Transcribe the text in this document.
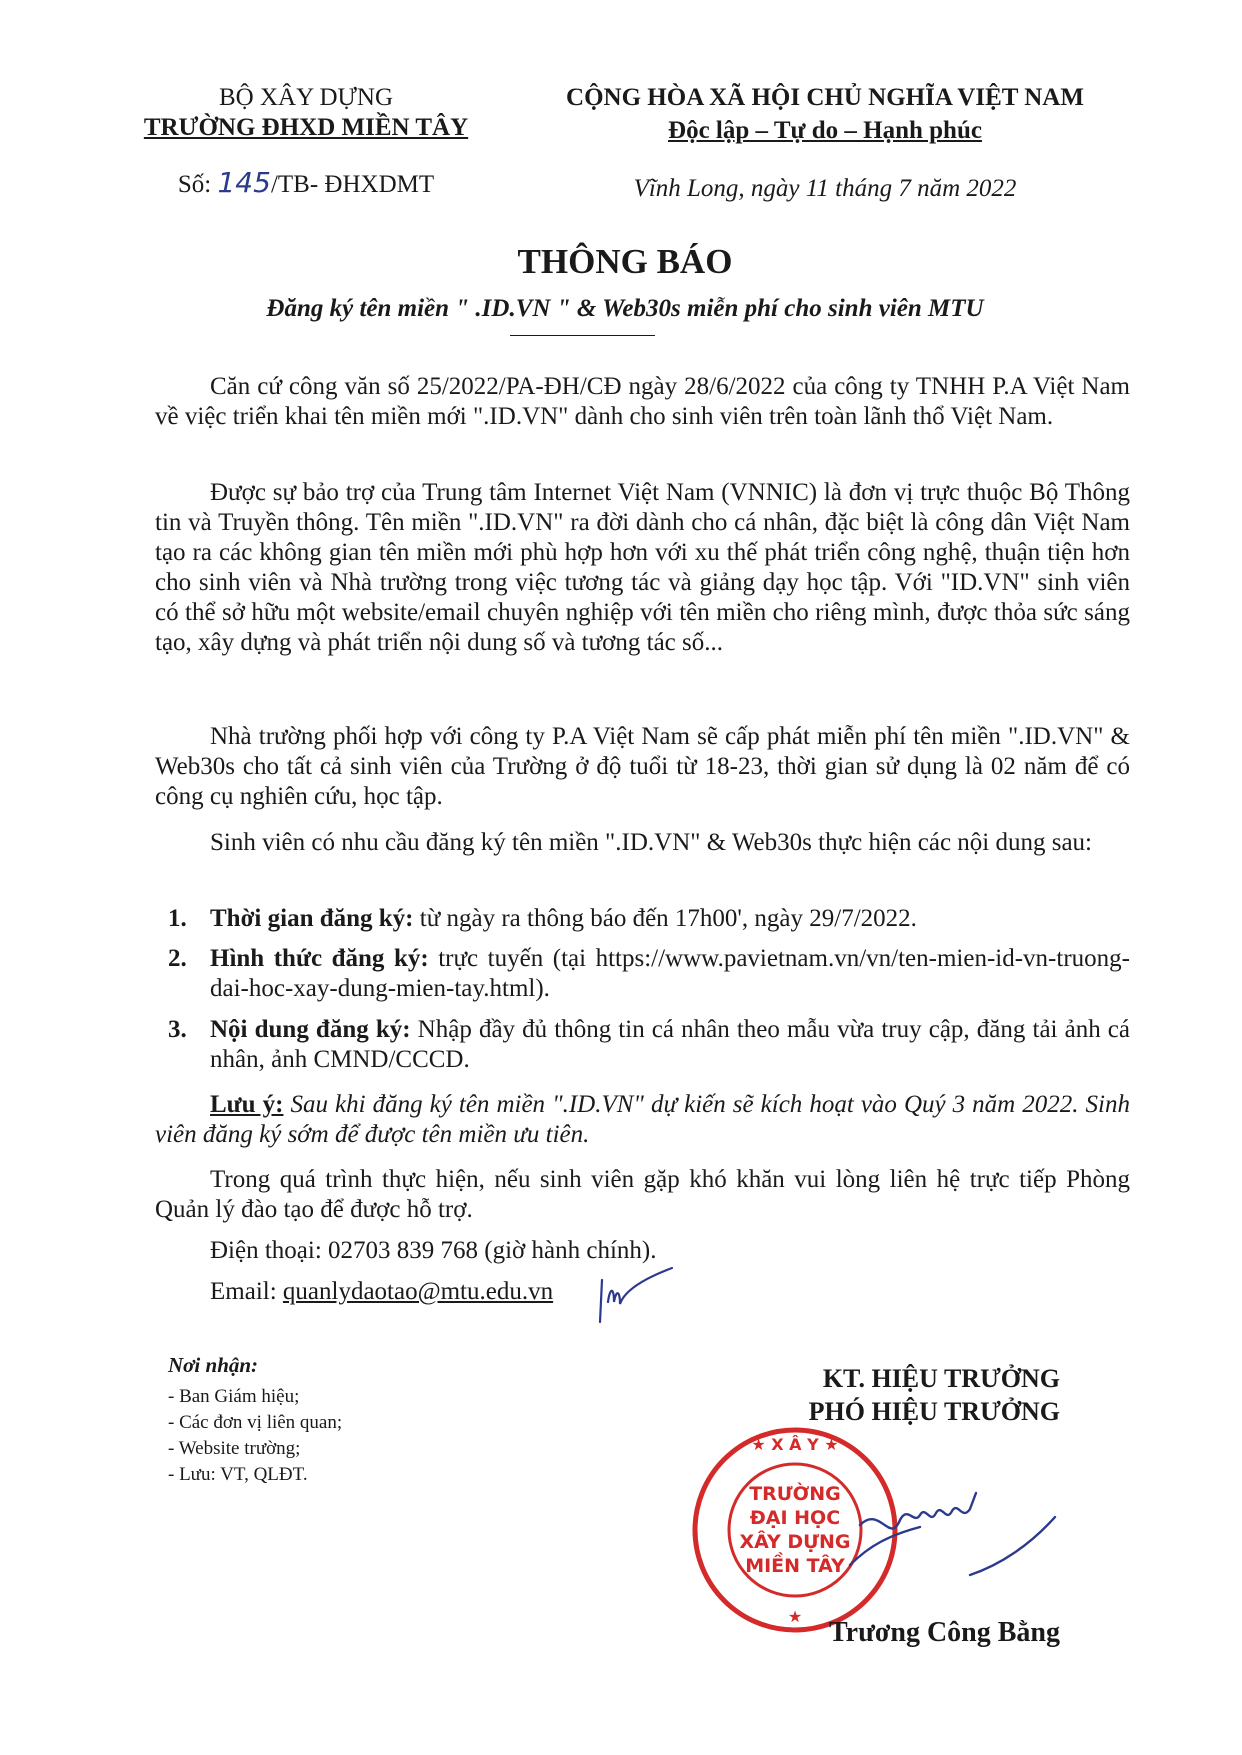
BỘ XÂY DỰNG
TRƯỜNG ĐHXD MIỀN TÂY
Số: 145/TB- ĐHXDMT
CỘNG HÒA XÃ HỘI CHỦ NGHĨA VIỆT NAM
Độc lập – Tự do – Hạnh phúc
Vĩnh Long, ngày 11 tháng 7 năm 2022
THÔNG BÁO
Đăng ký tên miền " .ID.VN " & Web30s miễn phí cho sinh viên MTU

Căn cứ công văn số 25/2022/PA-ĐH/CĐ ngày 28/6/2022 của công ty TNHH P.A Việt Nam về việc triển khai tên miền mới ".ID.VN" dành cho sinh viên trên toàn lãnh thổ Việt Nam.

Được sự bảo trợ của Trung tâm Internet Việt Nam (VNNIC) là đơn vị trực thuộc Bộ Thông tin và Truyền thông. Tên miền ".ID.VN" ra đời dành cho cá nhân, đặc biệt là công dân Việt Nam tạo ra các không gian tên miền mới phù hợp hơn với xu thế phát triển công nghệ, thuận tiện hơn cho sinh viên và Nhà trường trong việc tương tác và giảng dạy học tập. Với "ID.VN" sinh viên có thể sở hữu một website/email chuyên nghiệp với tên miền cho riêng mình, được thỏa sức sáng tạo, xây dựng và phát triển nội dung số và tương tác số...

Nhà trường phối hợp với công ty P.A Việt Nam sẽ cấp phát miễn phí tên miền ".ID.VN" & Web30s cho tất cả sinh viên của Trường ở độ tuổi từ 18-23, thời gian sử dụng là 02 năm để có công cụ nghiên cứu, học tập.

Sinh viên có nhu cầu đăng ký tên miền ".ID.VN" & Web30s thực hiện các nội dung sau:

1. Thời gian đăng ký: từ ngày ra thông báo đến 17h00', ngày 29/7/2022.

2. Hình thức đăng ký: trực tuyến (tại https://www.pavietnam.vn/vn/ten-mien-id-vn-truong-dai-hoc-xay-dung-mien-tay.html).

3. Nội dung đăng ký: Nhập đầy đủ thông tin cá nhân theo mẫu vừa truy cập, đăng tải ảnh cá nhân, ảnh CMND/CCCD.

Lưu ý: Sau khi đăng ký tên miền ".ID.VN" dự kiến sẽ kích hoạt vào Quý 3 năm 2022. Sinh viên đăng ký sớm để được tên miền ưu tiên.

Trong quá trình thực hiện, nếu sinh viên gặp khó khăn vui lòng liên hệ trực tiếp Phòng Quản lý đào tạo để được hỗ trợ.

Điện thoại: 02703 839 768 (giờ hành chính).

Email: quanlydaotao@mtu.edu.vn

Nơi nhận:
- Ban Giám hiệu;
- Các đơn vị liên quan;
- Website trường;
- Lưu: VT, QLĐT.
KT. HIỆU TRƯỞNG
PHÓ HIỆU TRƯỞNG
★ X Â Y ★
★
TRƯỜNG
ĐẠI HỌC
XÂY DỰNG
MIỀN TÂY
Trương Công Bằng
